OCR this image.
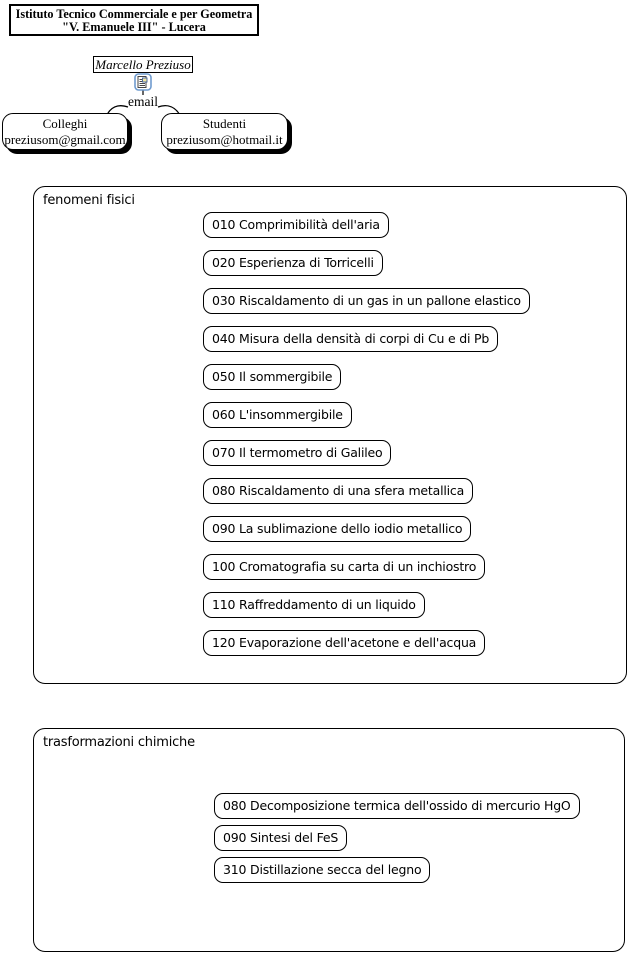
Istituto Tecnico Commerciale e per Geometra
"V. Emanuele III" - Lucera
Marcello Preziuso
email
Colleghi
preziusom@gmail.com
Studenti
preziusom@hotmail.it
fenomeni fisici
010 Comprimibilità dell'aria
020 Esperienza di Torricelli
030 Riscaldamento di un gas in un pallone elastico
040 Misura della densità di corpi di Cu e di Pb
050 Il sommergibile
060 L'insommergibile
070 Il termometro di Galileo
080 Riscaldamento di una sfera metallica
090 La sublimazione dello iodio metallico
100 Cromatografia su carta di un inchiostro
110 Raffreddamento di un liquido
120 Evaporazione dell'acetone e dell'acqua
trasformazioni chimiche
080 Decomposizione termica dell'ossido di mercurio HgO
090 Sintesi del FeS
310 Distillazione secca del legno
